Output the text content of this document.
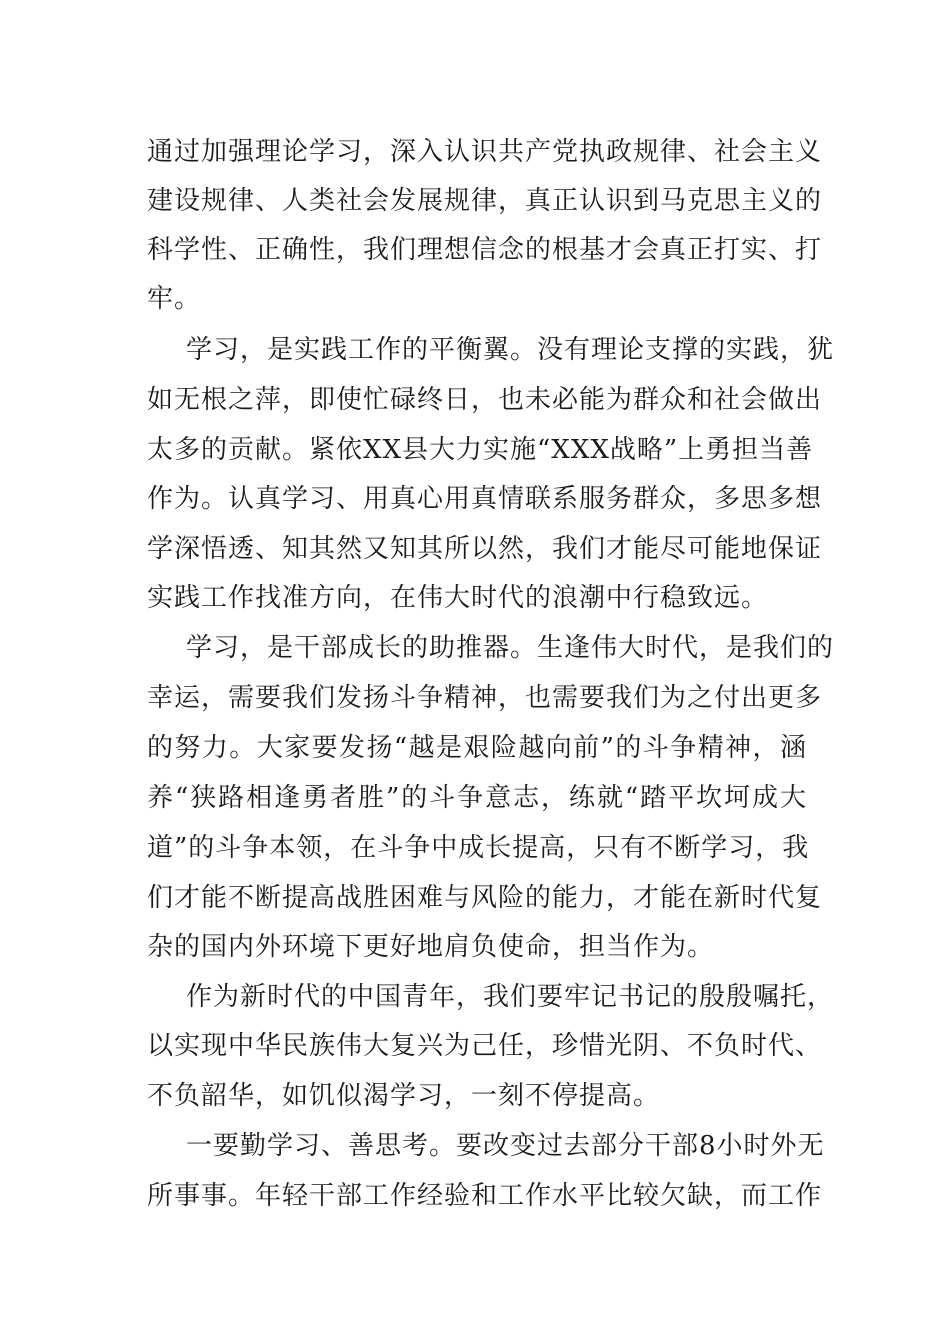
通过加强理论学习，深入认识共产党执政规律、社会主义
建设规律、人类社会发展规律，真正认识到马克思主义的
科学性、正确性，我们理想信念的根基才会真正打实、打
牢。
学习，是实践工作的平衡翼。没有理论支撑的实践，犹
如无根之萍，即使忙碌终日，也未必能为群众和社会做出
太多的贡献。紧依XX县大力实施“XXX战略”上勇担当善
作为。认真学习、用真心用真情联系服务群众，多思多想
学深悟透、知其然又知其所以然，我们才能尽可能地保证
实践工作找准方向，在伟大时代的浪潮中行稳致远。
学习，是干部成长的助推器。生逢伟大时代，是我们的
幸运，需要我们发扬斗争精神，也需要我们为之付出更多
的努力。大家要发扬“越是艰险越向前”的斗争精神，涵
养“狭路相逢勇者胜”的斗争意志，练就“踏平坎坷成大
道”的斗争本领，在斗争中成长提高，只有不断学习，我
们才能不断提高战胜困难与风险的能力，才能在新时代复
杂的国内外环境下更好地肩负使命，担当作为。
作为新时代的中国青年，我们要牢记书记的殷殷嘱托，
以实现中华民族伟大复兴为己任，珍惜光阴、不负时代、
不负韶华，如饥似渴学习，一刻不停提高。
一要勤学习、善思考。要改变过去部分干部8小时外无
所事事。年轻干部工作经验和工作水平比较欠缺，而工作
